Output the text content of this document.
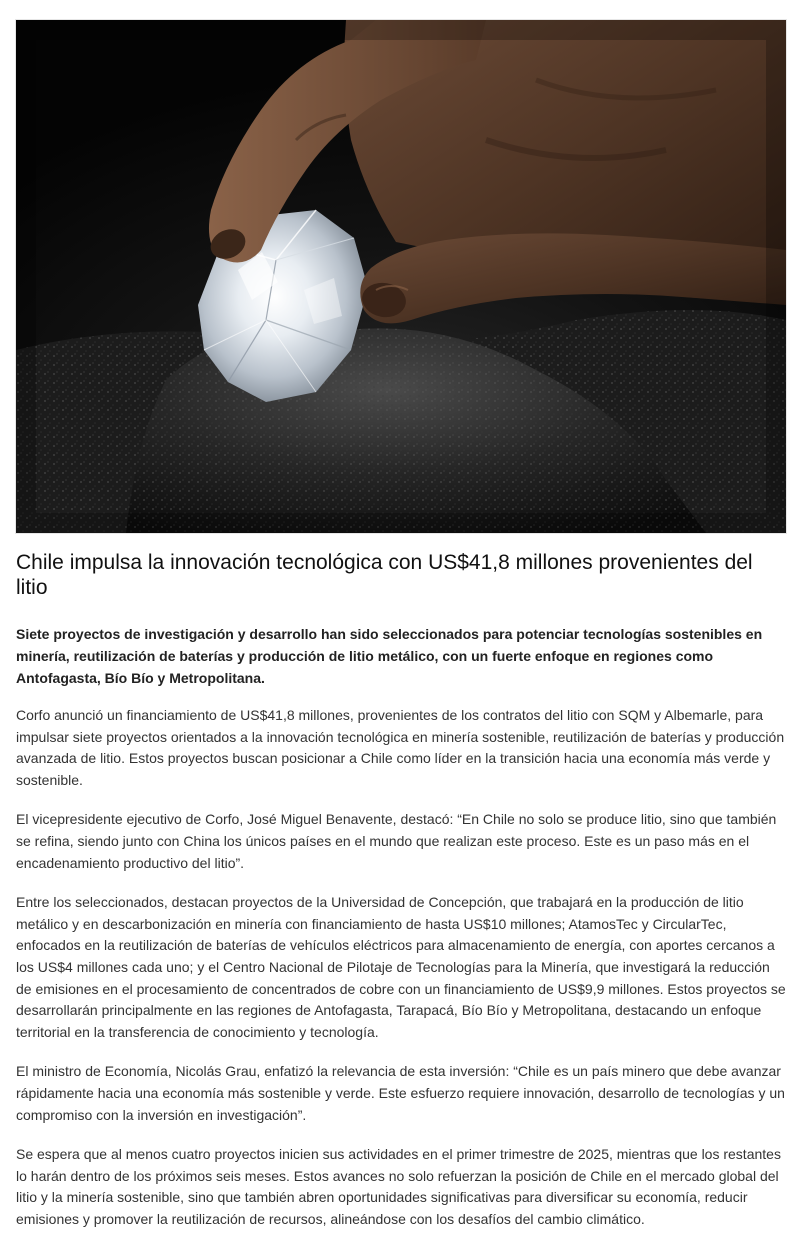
Chile impulsa la innovación tecnológica con US$41,8 millones provenientes del litio

Siete proyectos de investigación y desarrollo han sido seleccionados para potenciar tecnologías sostenibles en minería, reutilización de baterías y producción de litio metálico, con un fuerte enfoque en regiones como Antofagasta, Bío Bío y Metropolitana.

Corfo anunció un financiamiento de US$41,8 millones, provenientes de los contratos del litio con SQM y Albemarle, para impulsar siete proyectos orientados a la innovación tecnológica en minería sostenible, reutilización de baterías y producción avanzada de litio. Estos proyectos buscan posicionar a Chile como líder en la transición hacia una economía más verde y sostenible.

El vicepresidente ejecutivo de Corfo, José Miguel Benavente, destacó: “En Chile no solo se produce litio, sino que también se refina, siendo junto con China los únicos países en el mundo que realizan este proceso. Este es un paso más en el encadenamiento productivo del litio”.

Entre los seleccionados, destacan proyectos de la Universidad de Concepción, que trabajará en la producción de litio metálico y en descarbonización en minería con financiamiento de hasta US$10 millones; AtamosTec y CircularTec, enfocados en la reutilización de baterías de vehículos eléctricos para almacenamiento de energía, con aportes cercanos a los US$4 millones cada uno; y el Centro Nacional de Pilotaje de Tecnologías para la Minería, que investigará la reducción de emisiones en el procesamiento de concentrados de cobre con un financiamiento de US$9,9 millones. Estos proyectos se desarrollarán principalmente en las regiones de Antofagasta, Tarapacá, Bío Bío y Metropolitana, destacando un enfoque territorial en la transferencia de conocimiento y tecnología.

El ministro de Economía, Nicolás Grau, enfatizó la relevancia de esta inversión: “Chile es un país minero que debe avanzar rápidamente hacia una economía más sostenible y verde. Este esfuerzo requiere innovación, desarrollo de tecnologías y un compromiso con la inversión en investigación”.

Se espera que al menos cuatro proyectos inicien sus actividades en el primer trimestre de 2025, mientras que los restantes lo harán dentro de los próximos seis meses. Estos avances no solo refuerzan la posición de Chile en el mercado global del litio y la minería sostenible, sino que también abren oportunidades significativas para diversificar su economía, reducir emisiones y promover la reutilización de recursos, alineándose con los desafíos del cambio climático.
